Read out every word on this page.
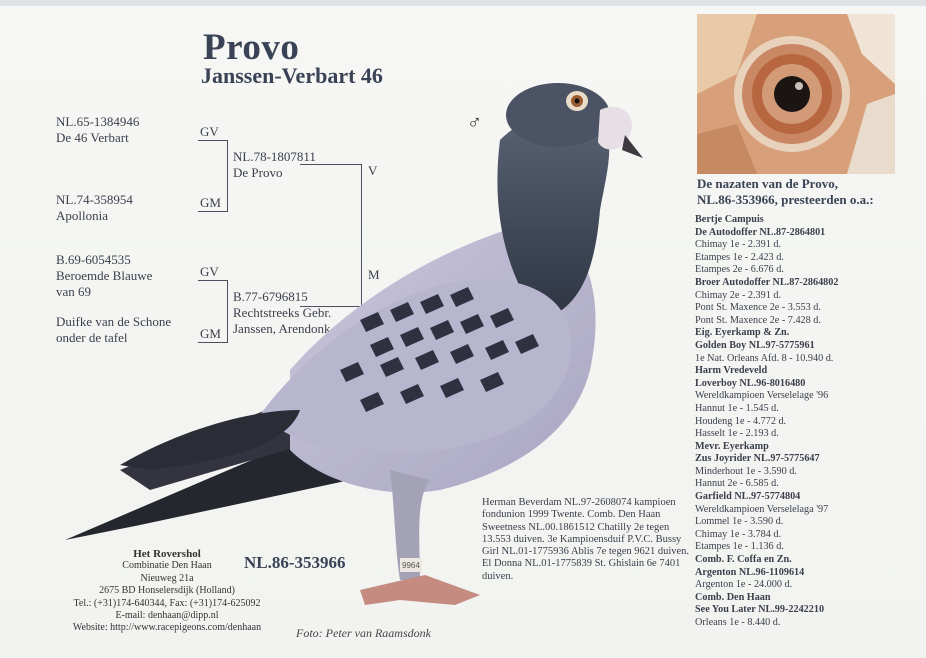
Provo
Janssen-Verbart 46
NL.65-1384946
De 46 Verbart	GV
NL.74-358954
Apollonia
GM
B.69-6054535
Beroemde Blauwe
van 69
GV
Duifke van de Schone
onder de tafel	GM
NL.78-1807811
De Provo	V
B.77-6796815
Rechtstreeks Gebr.
Janssen, Arendonk
M
♂
9964
NL.86-353966
Het Rovershol
Combinatie Den Haan
Nieuweg 21a
2675 BD Honselersdijk (Holland)
Tel.: (+31)174-640344, Fax: (+31)174-625092
E-mail: denhaan@dipp.nl
Website: http://www.racepigeons.com/denhaan	Foto: Peter van Raamsdonk
Herman Beverdam NL.97-2608074 kampioen fondunion 1999 Twente. Comb. Den Haan Sweetness NL.00.1861512 Chatilly 2e tegen 13.553 duiven. 3e Kampioensduif P.V.C. Bussy Girl NL.01-1775936 Ablis 7e tegen 9621 duiven. El Donna NL.01-1775839 St. Ghislain 6e 7401 duiven.
De nazaten van de Provo,
NL.86-353966, presteerden o.a.:
Bertje Campuis
De Autodoffer NL.87-2864801
Chimay 1e - 2.391 d.
Etampes 1e - 2.423 d.
Etampes 2e - 6.676 d.
Broer Autodoffer NL.87-2864802
Chimay 2e - 2.391 d.
Pont St. Maxence 2e - 3.553 d.
Pont St. Maxence 2e - 7.428 d.
Eig. Eyerkamp & Zn.
Golden Boy NL.97-5775961
1e Nat. Orleans Afd. 8 - 10.940 d.
Harm Vredeveld
Loverboy NL.96-8016480
Wereldkampioen Verselelage '96
Hannut 1e - 1.545 d.
Houdeng 1e - 4.772 d.
Hasselt 1e - 2.193 d.
Mevr. Eyerkamp
Zus Joyrider NL.97-5775647
Minderhout 1e - 3.590 d.
Hannut 2e - 6.585 d.
Garfield NL.97-5774804
Wereldkampioen Verselelaga '97
Lommel 1e - 3.590 d.
Chimay 1e - 3.784 d.
Etampes 1e - 1.136 d.
Comb. F. Coffa en Zn.
Argenton NL.96-1109614
Argenton 1e - 24.000 d.
Comb. Den Haan
See You Later NL.99-2242210
Orleans 1e - 8.440 d.
